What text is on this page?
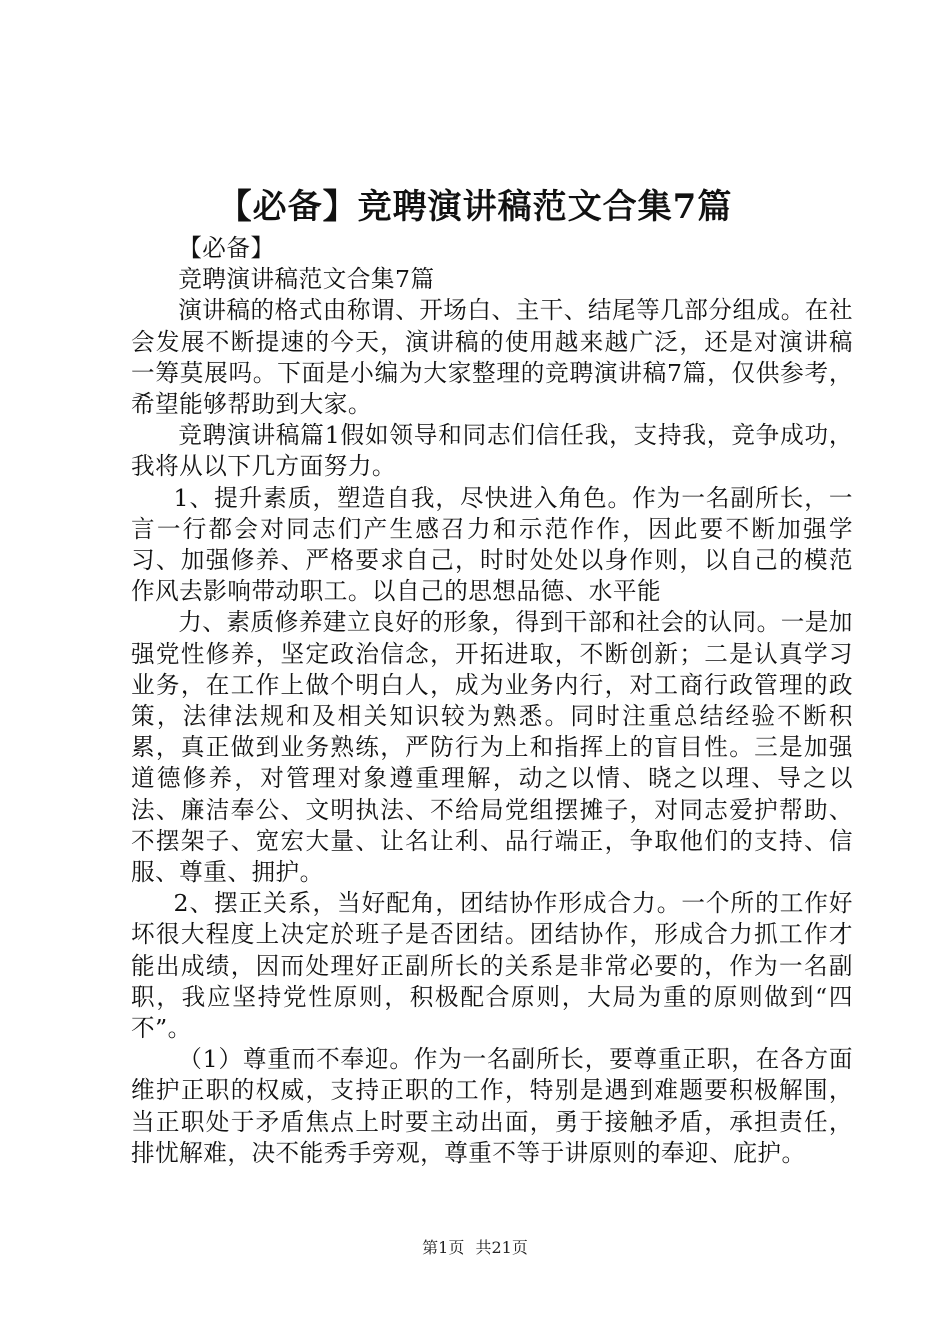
【必备】竞聘演讲稿范文合集7篇

【必备】

竞聘演讲稿范文合集7篇

演讲稿的格式由称谓、开场白、主干、结尾等几部分组成。在社会发展不断提速的今天，演讲稿的使用越来越广泛，还是对演讲稿一筹莫展吗。下面是小编为大家整理的竞聘演讲稿7篇，仅供参考，希望能够帮助到大家。

竞聘演讲稿篇1假如领导和同志们信任我，支持我，竞争成功，我将从以下几方面努力。

1、提升素质，塑造自我，尽快进入角色。作为一名副所长，一言一行都会对同志们产生感召力和示范作作，因此要不断加强学习、加强修养、严格要求自己，时时处处以身作则，以自己的模范作风去影响带动职工。以自己的思想品德、水平能

力、素质修养建立良好的形象，得到干部和社会的认同。一是加强党性修养，坚定政治信念，开拓进取，不断创新；二是认真学习业务，在工作上做个明白人，成为业务内行，对工商行政管理的政策，法律法规和及相关知识较为熟悉。同时注重总结经验不断积累，真正做到业务熟练，严防行为上和指挥上的盲目性。三是加强道德修养，对管理对象遵重理解，动之以情、晓之以理、导之以法、廉洁奉公、文明执法、不给局党组摆摊子，对同志爱护帮助、不摆架子、宽宏大量、让名让利、品行端正，争取他们的支持、信服、尊重、拥护。

2、摆正关系，当好配角，团结协作形成合力。一个所的工作好坏很大程度上决定於班子是否团结。团结协作，形成合力抓工作才能出成绩，因而处理好正副所长的关系是非常必要的，作为一名副职，我应坚持党性原则，积极配合原则，大局为重的原则做到“四不”。

（1）尊重而不奉迎。作为一名副所长，要尊重正职，在各方面维护正职的权威，支持正职的工作，特别是遇到难题要积极解围，当正职处于矛盾焦点上时要主动出面，勇于接触矛盾，承担责任，排忧解难，决不能秀手旁观，尊重不等于讲原则的奉迎、庇护。

第1页 共21页
